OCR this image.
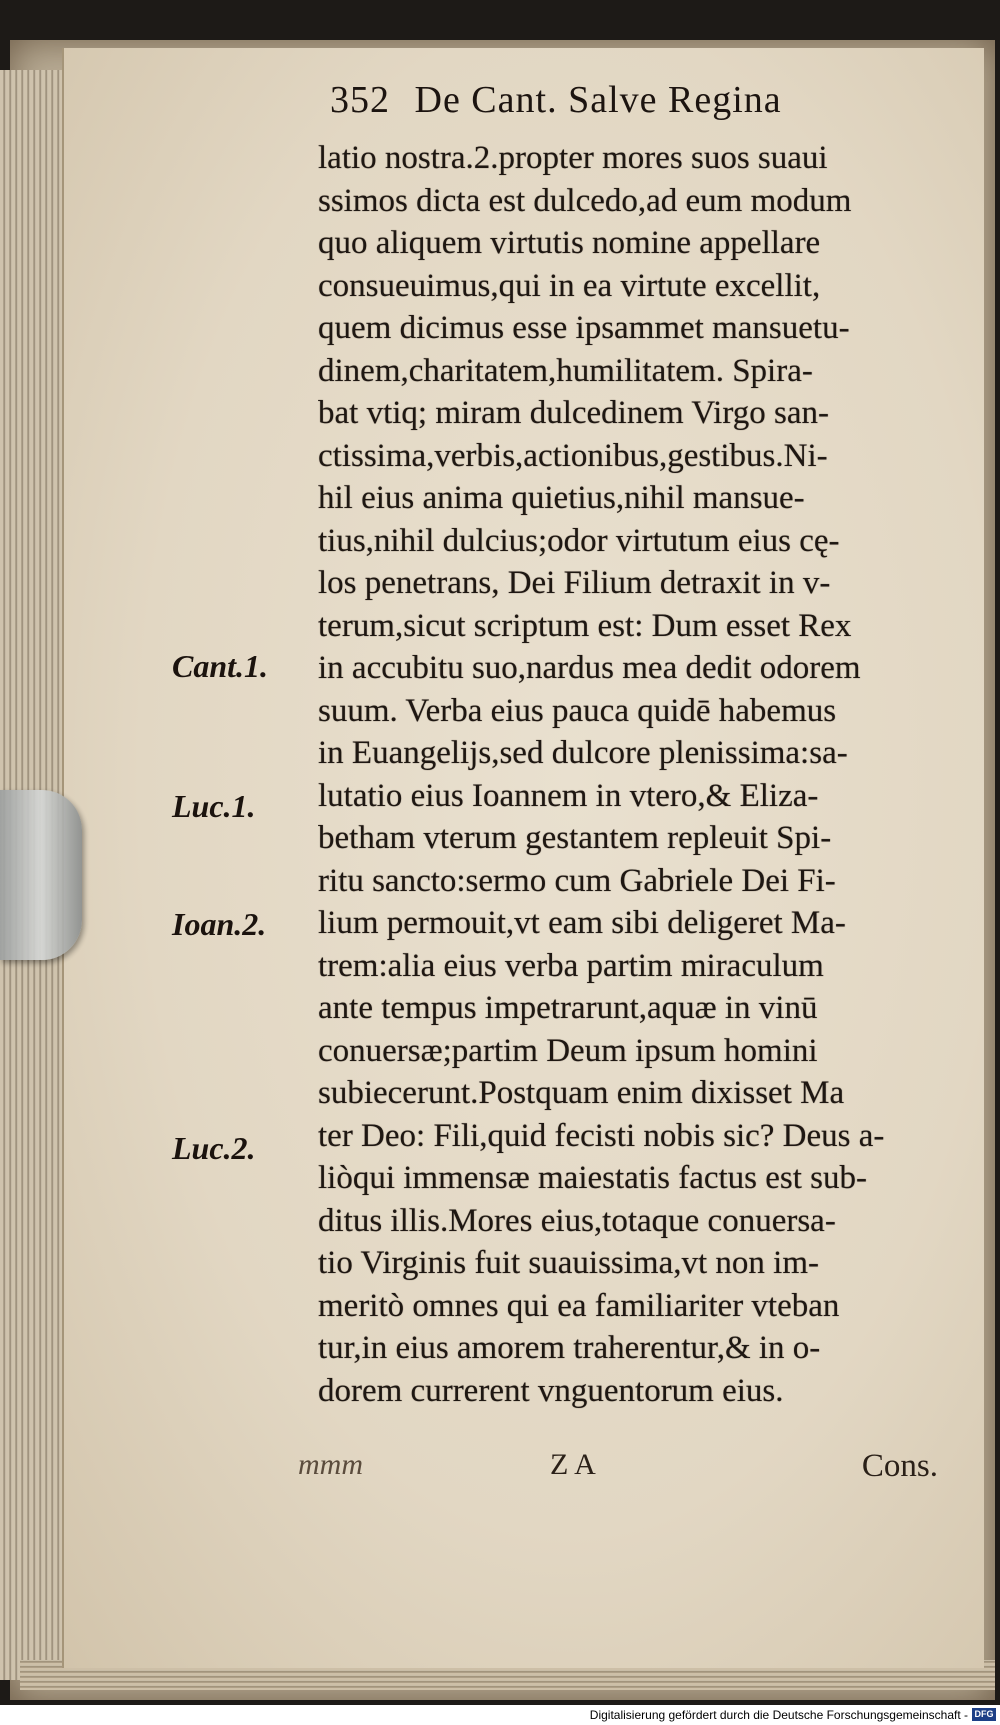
352 De Cant. Salve Regina
latio nostra.2.propter mores suos suaui
ssimos dicta est dulcedo,ad eum modum
quo aliquem virtutis nomine appellare
consueuimus,qui in ea virtute excellit,
quem dicimus esse ipsammet mansuetu-
dinem,charitatem,humilitatem. Spira-
bat vtiq; miram dulcedinem Virgo san-
ctissima,verbis,actionibus,gestibus.Ni-
hil eius anima quietius,nihil mansue-
tius,nihil dulcius;odor virtutum eius cę-
los penetrans, Dei Filium detraxit in v-
terum,sicut scriptum est: Dum esset Rex
in accubitu suo,nardus mea dedit odorem
suum. Verba eius pauca quidē habemus
in Euangelijs,sed dulcore plenissima:sa-
lutatio eius Ioannem in vtero,& Eliza-
betham vterum gestantem repleuit Spi-
ritu sancto:sermo cum Gabriele Dei Fi-
lium permouit,vt eam sibi deligeret Ma-
trem:alia eius verba partim miraculum
ante tempus impetrarunt,aquæ in vinū
conuersæ;partim Deum ipsum homini
subiecerunt.Postquam enim dixisset Ma
ter Deo: Fili,quid fecisti nobis sic? Deus a-
liòqui immensæ maiestatis factus est sub-
ditus illis.Mores eius,totaque conuersa-
tio Virginis fuit suauissima,vt non im-
meritò omnes qui ea familiariter vteban
tur,in eius amorem traherentur,& in o-
dorem currerent vnguentorum eius.
Cant.1.
Luc.1.
Ioan.2.
Luc.2.
mmm	Z A	Cons.
Digitalisierung gefördert durch die Deutsche Forschungsgemeinschaft - DFG
